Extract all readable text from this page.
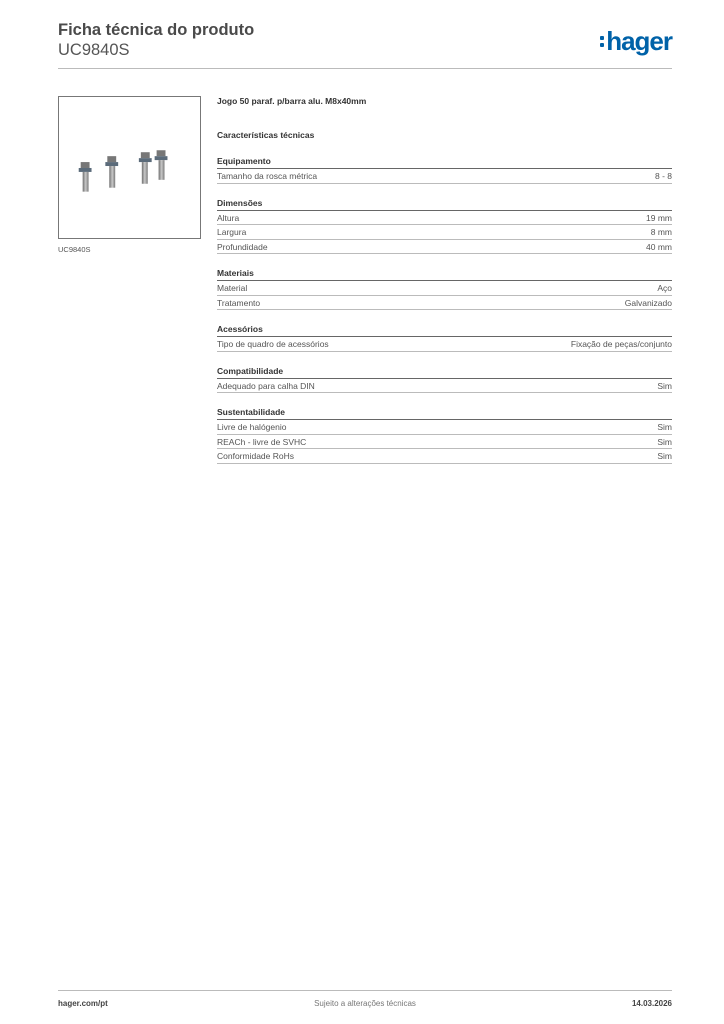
Ficha técnica do produto
UC9840S	hager
UC9840S
Jogo 50 paraf. p/barra alu. M8x40mm
Características técnicas
Equipamento
Tamanho da rosca métrica	8 - 8
Dimensões
Altura	19 mm
Largura	8 mm
Profundidade	40 mm
Materiais
Material	Aço
Tratamento	Galvanizado
Acessórios
Tipo de quadro de acessórios	Fixação de peças/conjunto
Compatibilidade
Adequado para calha DIN	Sim
Sustentabilidade
Livre de halógenio	Sim
REACh - livre de SVHC	Sim
Conformidade RoHs	Sim
hager.com/pt	Sujeito a alterações técnicas	14.03.2026
